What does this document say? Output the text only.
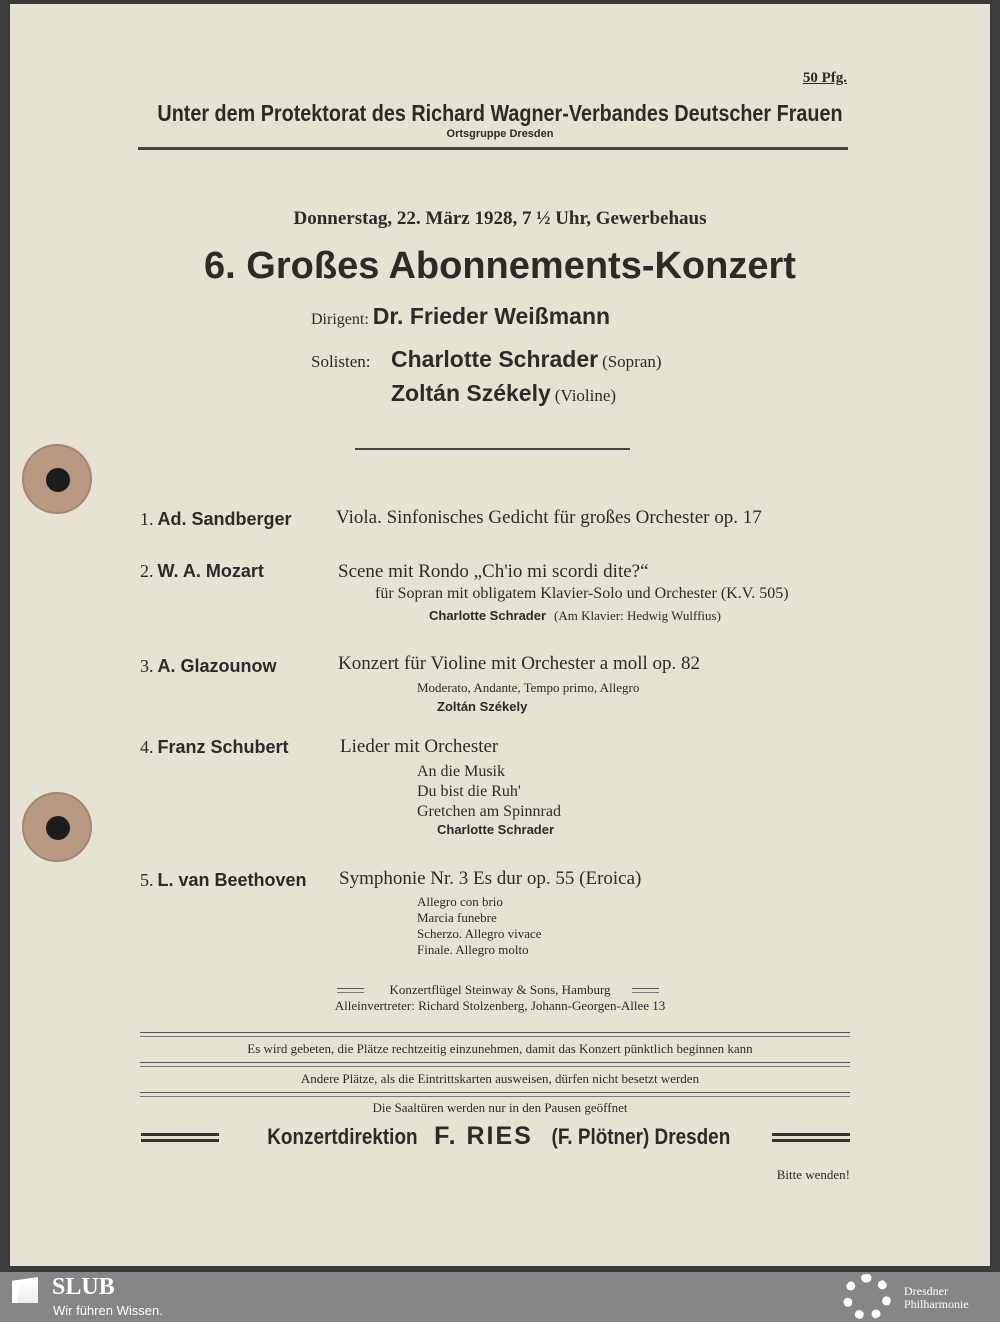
50 Pfg.
Unter dem Protektorat des Richard Wagner-Verbandes Deutscher Frauen
Ortsgruppe Dresden
Donnerstag, 22. März 1928, 7 ½ Uhr, Gewerbehaus
6. Großes Abonnements-Konzert
Dirigent: Dr. Frieder Weißmann
Solisten: Charlotte Schrader (Sopran)
Zoltán Székely (Violine)
1. Ad. Sandberger Viola. Sinfonisches Gedicht für großes Orchester op. 17
2. W. A. Mozart	Scene mit Rondo „Ch'io mi scordi dite?“
für Sopran mit obligatem Klavier-Solo und Orchester (K.V. 505)
Charlotte Schrader (Am Klavier: Hedwig Wulffius)
3. A. Glazounow	Konzert für Violine mit Orchester a moll op. 82
Moderato, Andante, Tempo primo, Allegro
Zoltán Székely
4. Franz Schubert	Lieder mit Orchester
An die Musik
Du bist die Ruh'
Gretchen am Spinnrad
Charlotte Schrader
5. L. van Beethoven Symphonie Nr. 3 Es dur op. 55 (Eroica)
Allegro con brio
Marcia funebre
Scherzo. Allegro vivace
Finale. Allegro molto
Konzertflügel Steinway & Sons, Hamburg
Alleinvertreter: Richard Stolzenberg, Johann-Georgen-Allee 13
Es wird gebeten, die Plätze rechtzeitig einzunehmen, damit das Konzert pünktlich beginnen kann
Andere Plätze, als die Eintrittskarten ausweisen, dürfen nicht besetzt werden
Die Saaltüren werden nur in den Pausen geöffnet
Konzertdirektion F. RIES (F. Plötner) Dresden
Bitte wenden!
SLUB
Wir führen Wissen.
Dresdner
Philharmonie
